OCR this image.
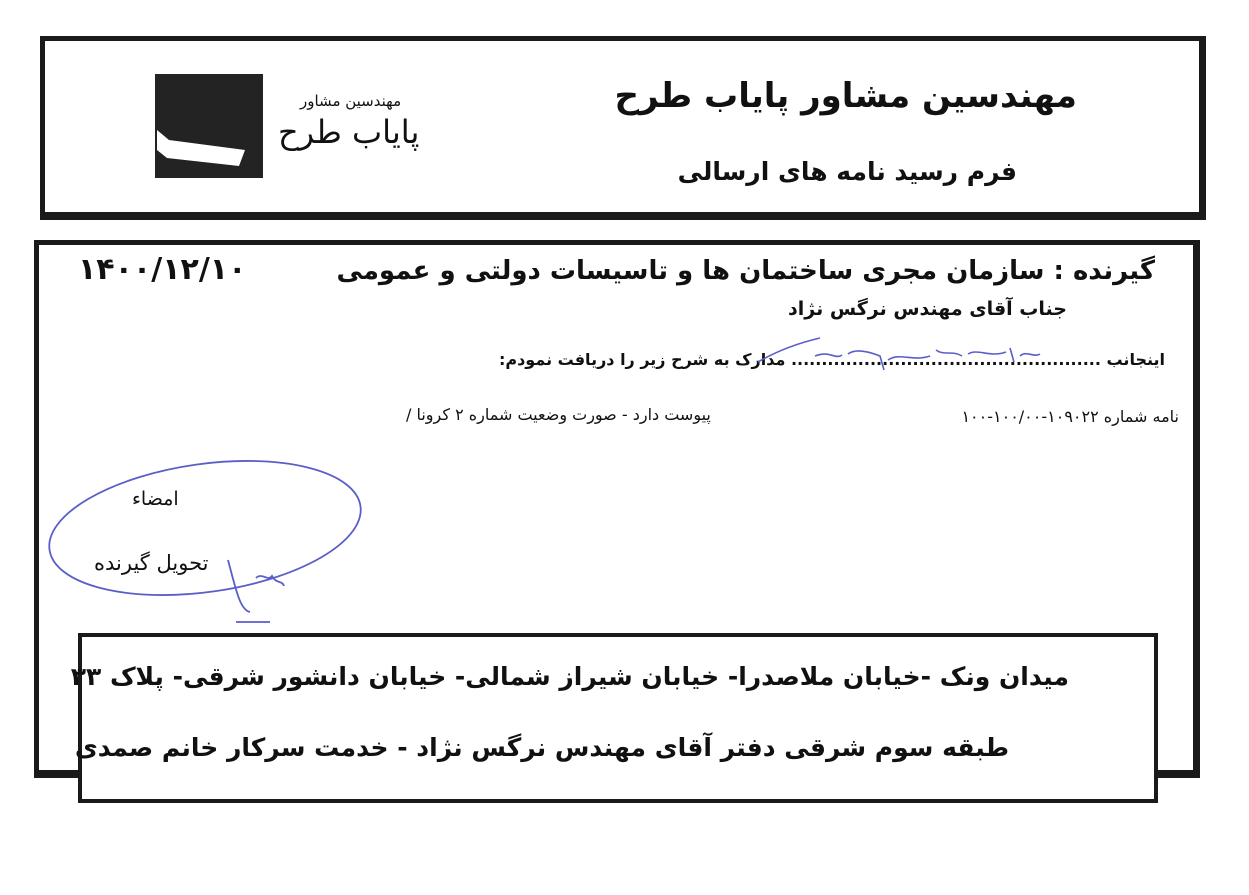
مهندسین مشاور پایاب طرح
فرم رسید نامه های ارسالی
مهندسین مشاور
پایاب طرح
۱۴۰۰/۱۲/۱۰	گیرنده : سازمان مجری ساختمان ها و تاسیسات دولتی و عمومی
جناب آقای مهندس نرگس نژاد
اینجانب ................................................... مدارک به شرح زیر را دریافت نمودم:
نامه شماره ۱۰۹۰۲۲-۱۰۰/۰۰-۱۰۰
پیوست دارد - صورت وضعیت شماره ۲ کرونا /
امضاء
تحویل گیرنده
میدان ونک -خیابان ملاصدرا- خیابان شیراز شمالی- خیابان دانشور شرقی- پلاک ۳۳
طبقه سوم شرقی دفتر آقای مهندس نرگس نژاد - خدمت سرکار خانم صمدی
